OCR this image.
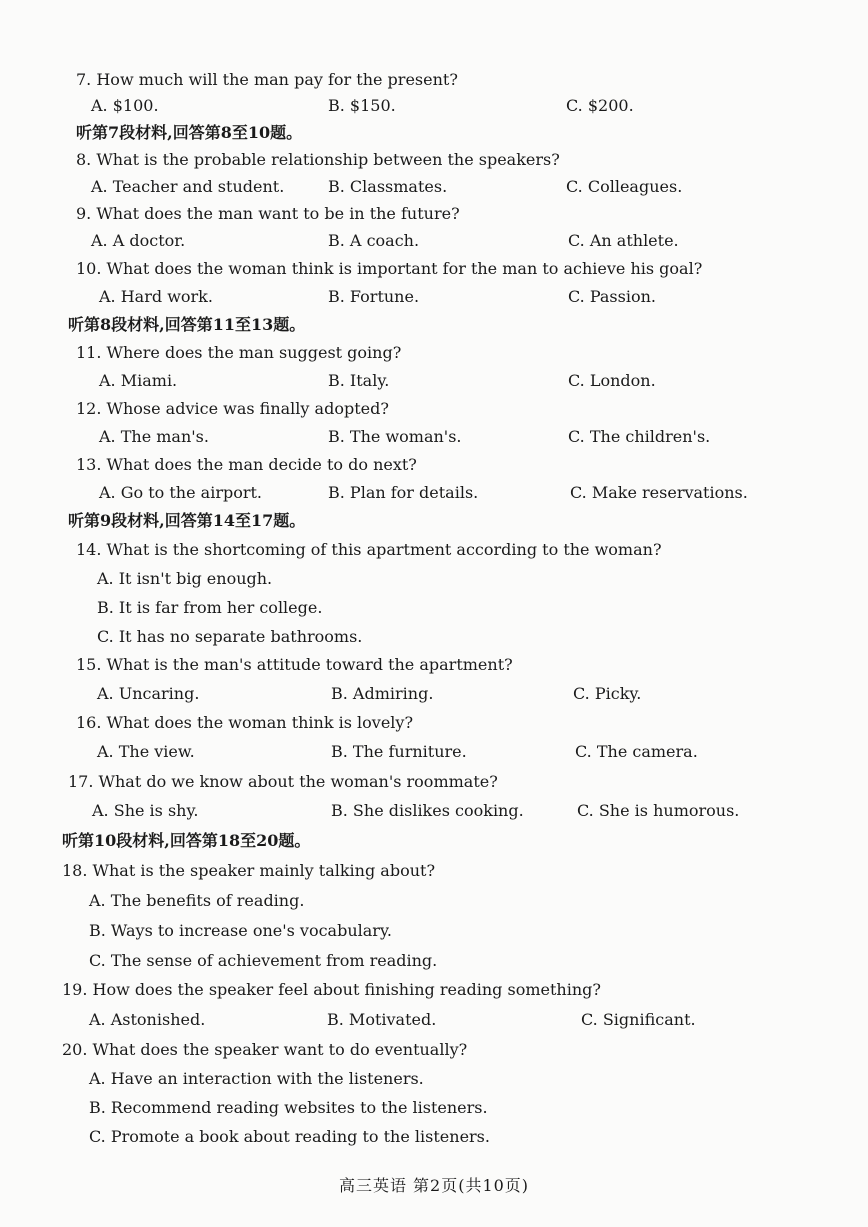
7. How much will the man pay for the present?
A. $100.	B. $150.	C. $200.
听第7段材料,回答第8至10题。
8. What is the probable relationship between the speakers?
A. Teacher and student.	B. Classmates.	C. Colleagues.
9. What does the man want to be in the future?
A. A doctor.	B. A coach.	C. An athlete.
10. What does the woman think is important for the man to achieve his goal?
A. Hard work.	B. Fortune.	C. Passion.
听第8段材料,回答第11至13题。
11. Where does the man suggest going?
A. Miami.	B. Italy.	C. London.
12. Whose advice was finally adopted?
A. The man's.	B. The woman's.	C. The children's.
13. What does the man decide to do next?
A. Go to the airport.	B. Plan for details.	C. Make reservations.
听第9段材料,回答第14至17题。
14. What is the shortcoming of this apartment according to the woman?
A. It isn't big enough.
B. It is far from her college.
C. It has no separate bathrooms.
15. What is the man's attitude toward the apartment?
A. Uncaring.	B. Admiring.	C. Picky.
16. What does the woman think is lovely?
A. The view.	B. The furniture.	C. The camera.
17. What do we know about the woman's roommate?
A. She is shy.	B. She dislikes cooking.	C. She is humorous.
听第10段材料,回答第18至20题。
18. What is the speaker mainly talking about?
A. The benefits of reading.
B. Ways to increase one's vocabulary.
C. The sense of achievement from reading.
19. How does the speaker feel about finishing reading something?
A. Astonished.	B. Motivated.	C. Significant.
20. What does the speaker want to do eventually?
A. Have an interaction with the listeners.
B. Recommend reading websites to the listeners.
C. Promote a book about reading to the listeners.
高三英语 第2页(共10页)
